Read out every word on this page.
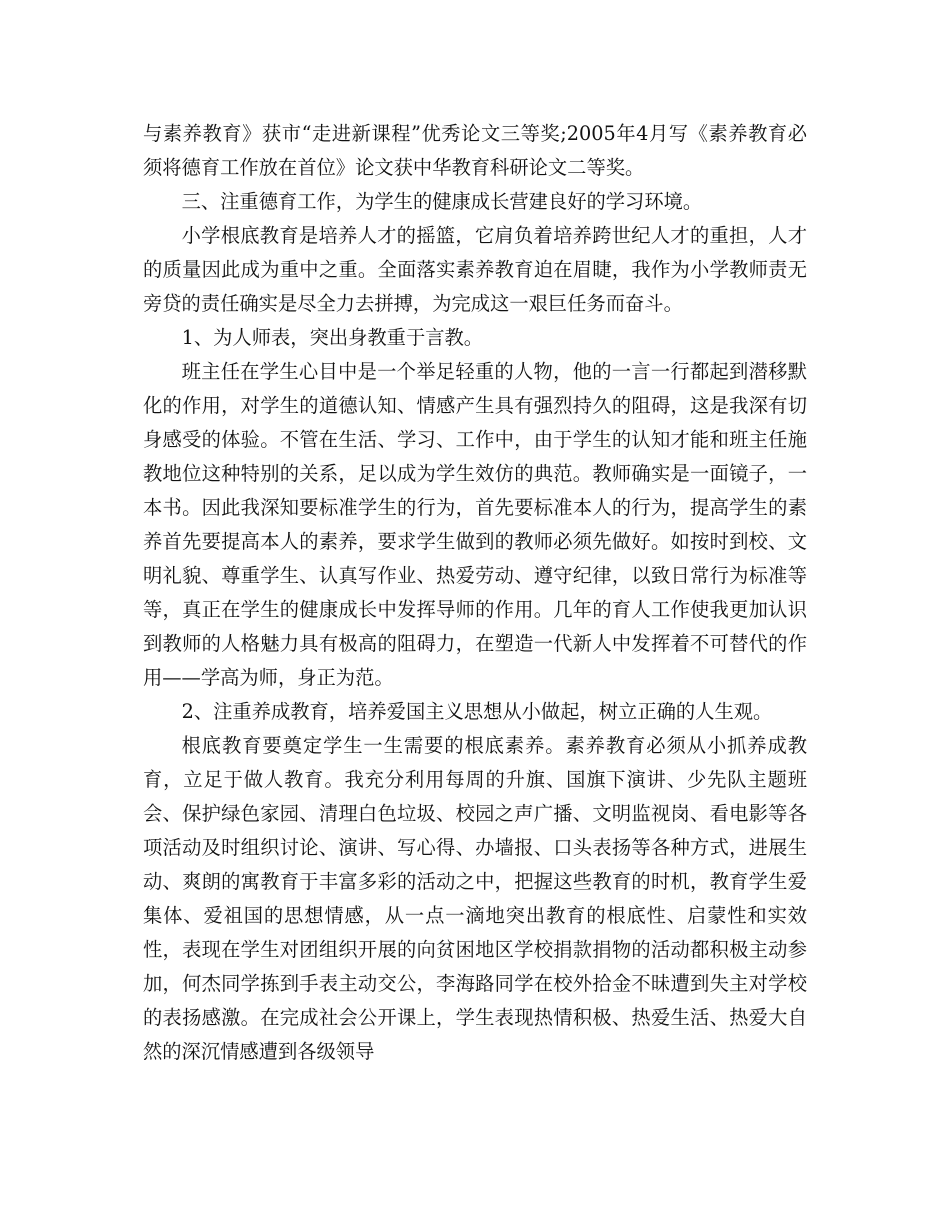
与素养教育》获市“走进新课程”优秀论文三等奖;2005年4月写《素养教育必须将德育工作放在首位》论文获中华教育科研论文二等奖。

三、注重德育工作，为学生的健康成长营建良好的学习环境。

小学根底教育是培养人才的摇篮，它肩负着培养跨世纪人才的重担，人才的质量因此成为重中之重。全面落实素养教育迫在眉睫，我作为小学教师责无旁贷的责任确实是尽全力去拼搏，为完成这一艰巨任务而奋斗。

1、为人师表，突出身教重于言教。

班主任在学生心目中是一个举足轻重的人物，他的一言一行都起到潜移默化的作用，对学生的道德认知、情感产生具有强烈持久的阻碍，这是我深有切身感受的体验。不管在生活、学习、工作中，由于学生的认知才能和班主任施教地位这种特别的关系，足以成为学生效仿的典范。教师确实是一面镜子，一本书。因此我深知要标准学生的行为，首先要标准本人的行为，提高学生的素养首先要提高本人的素养，要求学生做到的教师必须先做好。如按时到校、文明礼貌、尊重学生、认真写作业、热爱劳动、遵守纪律，以致日常行为标准等等，真正在学生的健康成长中发挥导师的作用。几年的育人工作使我更加认识到教师的人格魅力具有极高的阻碍力，在塑造一代新人中发挥着不可替代的作用——学高为师，身正为范。

2、注重养成教育，培养爱国主义思想从小做起，树立正确的人生观。

根底教育要奠定学生一生需要的根底素养。素养教育必须从小抓养成教育，立足于做人教育。我充分利用每周的升旗、国旗下演讲、少先队主题班会、保护绿色家园、清理白色垃圾、校园之声广播、文明监视岗、看电影等各项活动及时组织讨论、演讲、写心得、办墙报、口头表扬等各种方式，进展生动、爽朗的寓教育于丰富多彩的活动之中，把握这些教育的时机，教育学生爱集体、爱祖国的思想情感，从一点一滴地突出教育的根底性、启蒙性和实效性，表现在学生对团组织开展的向贫困地区学校捐款捐物的活动都积极主动参加，何杰同学拣到手表主动交公，李海路同学在校外拾金不昧遭到失主对学校的表扬感激。在完成社会公开课上，学生表现热情积极、热爱生活、热爱大自然的深沉情感遭到各级领导
